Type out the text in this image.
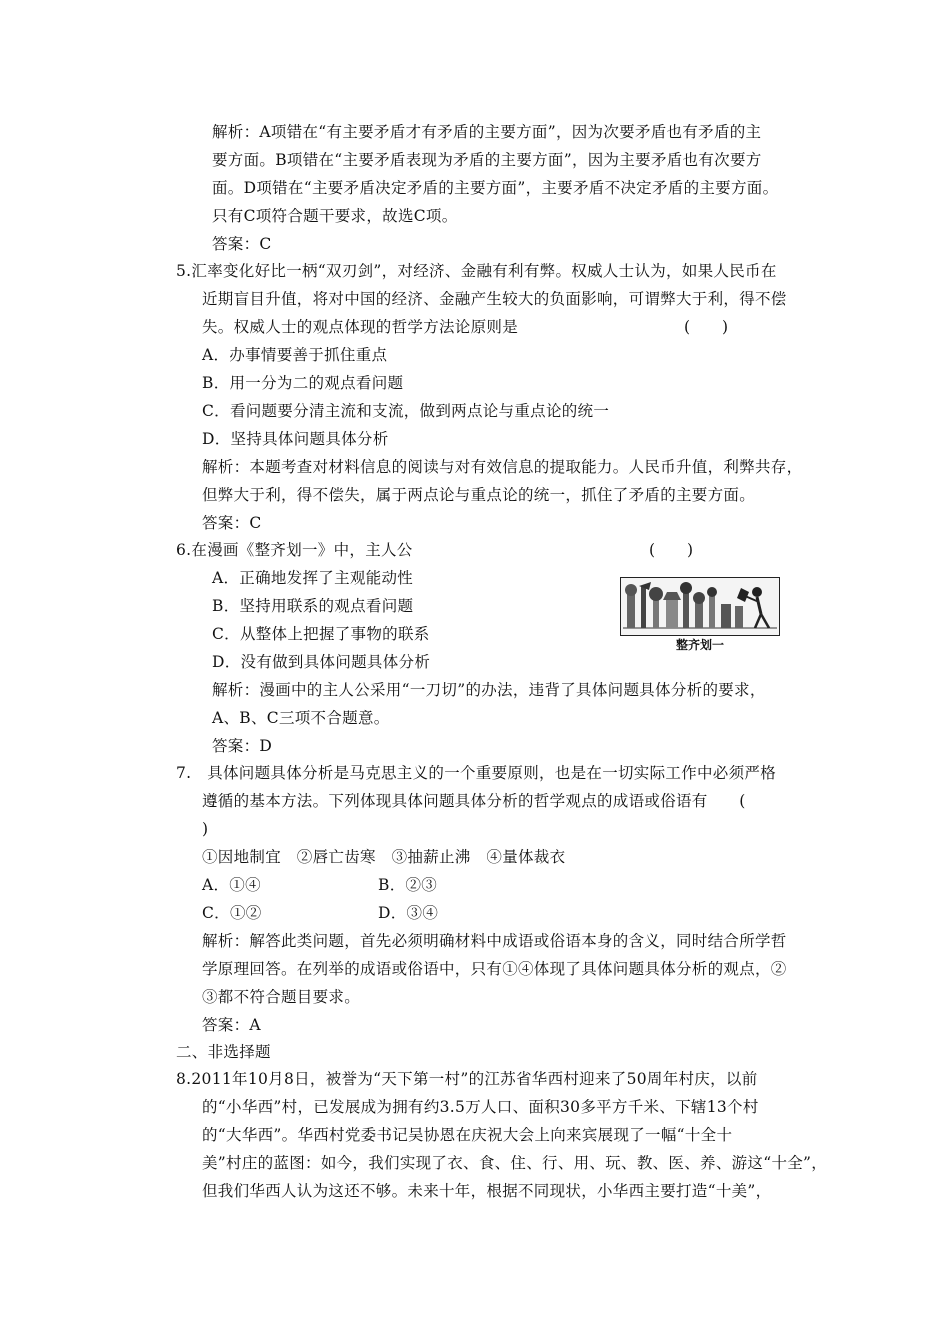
解析：A项错在“有主要矛盾才有矛盾的主要方面”，因为次要矛盾也有矛盾的主
要方面。B项错在“主要矛盾表现为矛盾的主要方面”，因为主要矛盾也有次要方
面。D项错在“主要矛盾决定矛盾的主要方面”，主要矛盾不决定矛盾的主要方面。
只有C项符合题干要求，故选C项。
答案：C
5.汇率变化好比一柄“双刃剑”，对经济、金融有利有弊。权威人士认为，如果人民币在
近期盲目升值，将对中国的经济、金融产生较大的负面影响，可谓弊大于利，得不偿
失。权威人士的观点体现的哲学方法论原则是	(　　)
A．办事情要善于抓住重点
B．用一分为二的观点看问题
C．看问题要分清主流和支流，做到两点论与重点论的统一
D．坚持具体问题具体分析
解析：本题考查对材料信息的阅读与对有效信息的提取能力。人民币升值，利弊共存，
但弊大于利，得不偿失，属于两点论与重点论的统一，抓住了矛盾的主要方面。
答案：C
6.在漫画《整齐划一》中，主人公	(　　)
A．正确地发挥了主观能动性
B．坚持用联系的观点看问题
C．从整体上把握了事物的联系
D．没有做到具体问题具体分析
整齐划一
解析：漫画中的主人公采用“一刀切”的办法，违背了具体问题具体分析的要求，
A、B、C三项不合题意。
答案：D
7.　具体问题具体分析是马克思主义的一个重要原则，也是在一切实际工作中必须严格
遵循的基本方法。下列体现具体问题具体分析的哲学观点的成语或俗语有　　(
)
①因地制宜　②唇亡齿寒　③抽薪止沸　④量体裁衣
A．①④	B．②③
C．①②	D．③④
解析：解答此类问题，首先必须明确材料中成语或俗语本身的含义，同时结合所学哲
学原理回答。在列举的成语或俗语中，只有①④体现了具体问题具体分析的观点，②
③都不符合题目要求。
答案：A
二、非选择题
8.2011年10月8日，被誉为“天下第一村”的江苏省华西村迎来了50周年村庆，以前
的“小华西”村，已发展成为拥有约3.5万人口、面积30多平方千米、下辖13个村
的“大华西”。华西村党委书记吴协恩在庆祝大会上向来宾展现了一幅“十全十
美”村庄的蓝图：如今，我们实现了衣、食、住、行、用、玩、教、医、养、游这“十全”，
但我们华西人认为这还不够。未来十年，根据不同现状，小华西主要打造“十美”，
